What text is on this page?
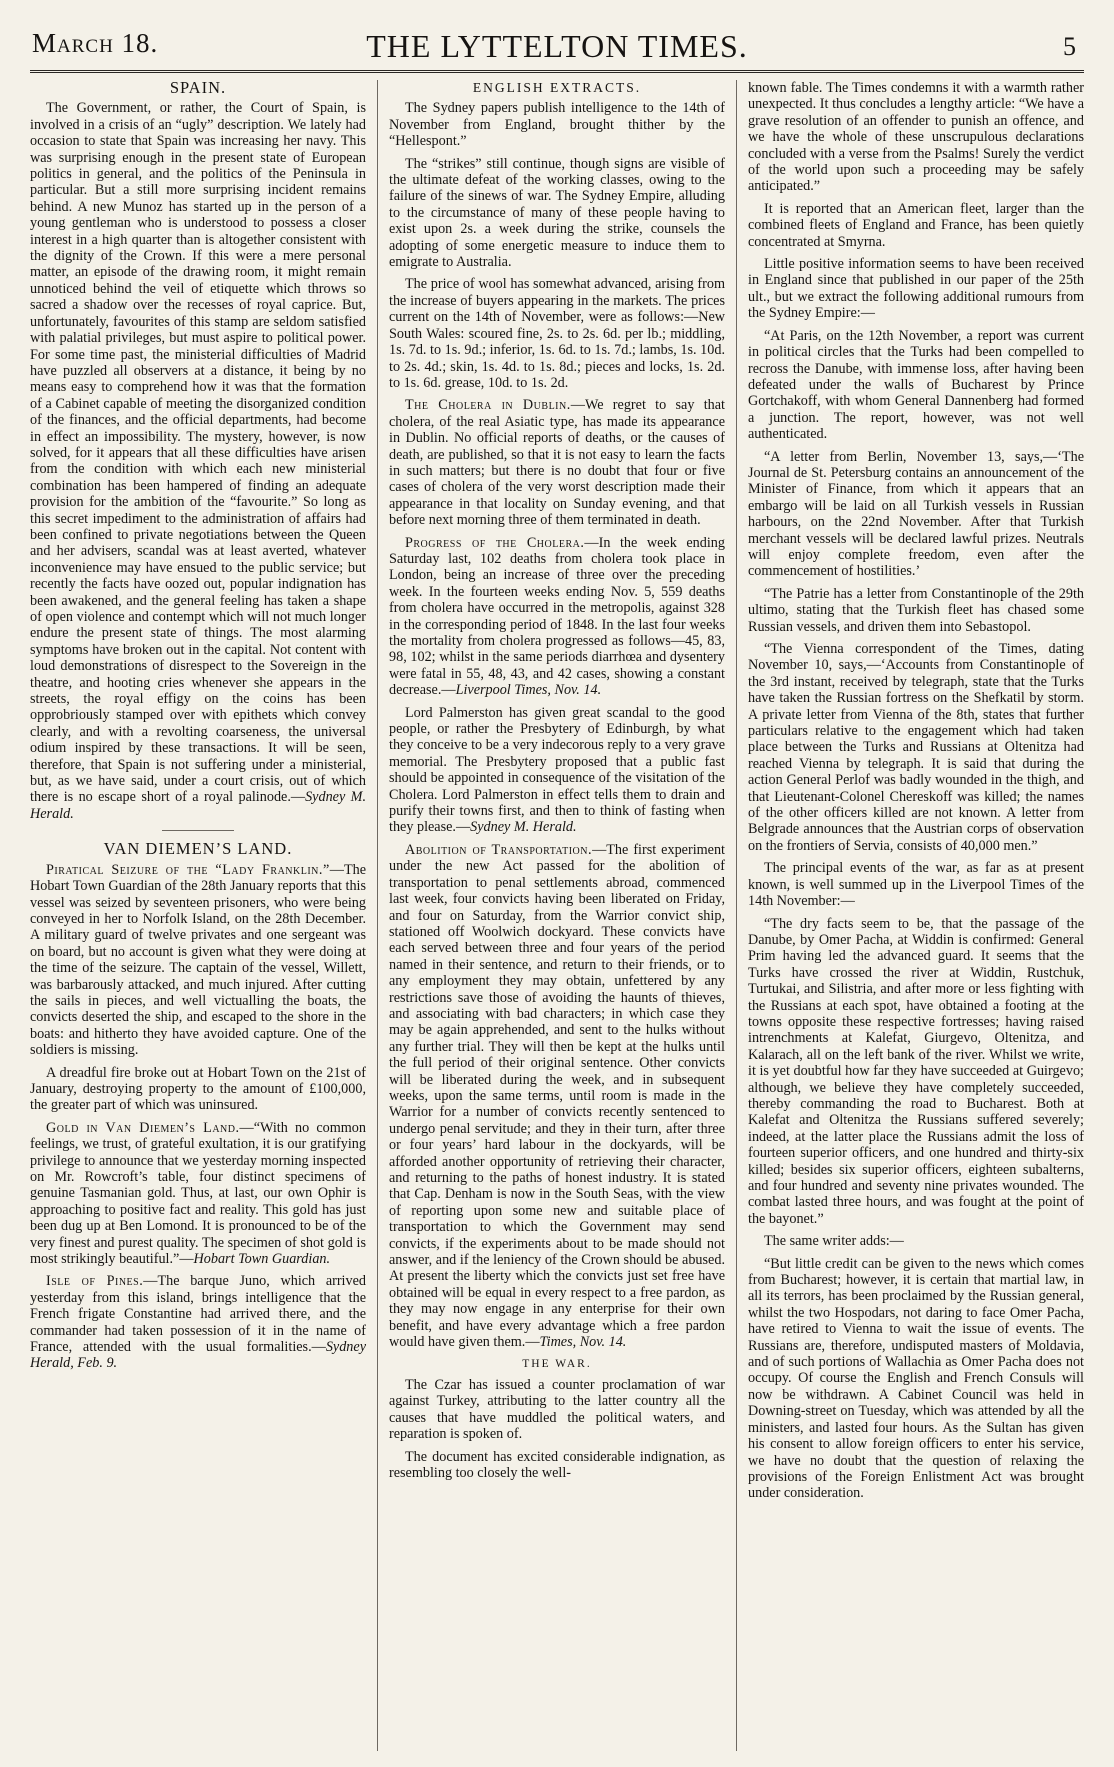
March 18.	THE LYTTELTON TIMES.	5
SPAIN.

The Government, or rather, the Court of Spain, is involved in a crisis of an “ugly” description. We lately had occasion to state that Spain was increasing her navy. This was surprising enough in the present state of European politics in general, and the politics of the Peninsula in particular. But a still more surprising incident remains behind. A new Munoz has started up in the person of a young gentleman who is understood to possess a closer interest in a high quarter than is altogether consistent with the dignity of the Crown. If this were a mere personal matter, an episode of the drawing room, it might remain unnoticed behind the veil of etiquette which throws so sacred a shadow over the recesses of royal caprice. But, unfortunately, favourites of this stamp are seldom satisfied with palatial privileges, but must aspire to political power. For some time past, the ministerial difficulties of Madrid have puzzled all observers at a distance, it being by no means easy to comprehend how it was that the formation of a Cabinet capable of meeting the disorganized condition of the finances, and the official departments, had become in effect an impossibility. The mystery, however, is now solved, for it appears that all these difficulties have arisen from the condition with which each new ministerial combination has been hampered of finding an adequate provision for the ambition of the “favourite.” So long as this secret impediment to the administration of affairs had been confined to private negotiations between the Queen and her advisers, scandal was at least averted, whatever inconvenience may have ensued to the public service; but recently the facts have oozed out, popular indignation has been awakened, and the general feeling has taken a shape of open violence and contempt which will not much longer endure the present state of things. The most alarming symptoms have broken out in the capital. Not content with loud demonstrations of disrespect to the Sovereign in the theatre, and hooting cries whenever she appears in the streets, the royal effigy on the coins has been opprobriously stamped over with epithets which convey clearly, and with a revolting coarseness, the universal odium inspired by these transactions. It will be seen, therefore, that Spain is not suffering under a ministerial, but, as we have said, under a court crisis, out of which there is no escape short of a royal palinode.—Sydney M. Herald.

VAN DIEMEN’S LAND.

Piratical Seizure of the “Lady Franklin.”—The Hobart Town Guardian of the 28th January reports that this vessel was seized by seventeen prisoners, who were being conveyed in her to Norfolk Island, on the 28th December. A military guard of twelve privates and one sergeant was on board, but no account is given what they were doing at the time of the seizure. The captain of the vessel, Willett, was barbarously attacked, and much injured. After cutting the sails in pieces, and well victualling the boats, the convicts deserted the ship, and escaped to the shore in the boats: and hitherto they have avoided capture. One of the soldiers is missing.

A dreadful fire broke out at Hobart Town on the 21st of January, destroying property to the amount of £100,000, the greater part of which was uninsured.

Gold in Van Diemen’s Land.—“With no common feelings, we trust, of grateful exultation, it is our gratifying privilege to announce that we yesterday morning inspected on Mr. Rowcroft’s table, four distinct specimens of genuine Tasmanian gold. Thus, at last, our own Ophir is approaching to positive fact and reality. This gold has just been dug up at Ben Lomond. It is pronounced to be of the very finest and purest quality. The specimen of shot gold is most strikingly beautiful.”—Hobart Town Guardian.

Isle of Pines.—The barque Juno, which arrived yesterday from this island, brings intelligence that the French frigate Constantine had arrived there, and the commander had taken possession of it in the name of France, attended with the usual formalities.—Sydney Herald, Feb. 9.

ENGLISH EXTRACTS.

The Sydney papers publish intelligence to the 14th of November from England, brought thither by the “Hellespont.”

The “strikes” still continue, though signs are visible of the ultimate defeat of the working classes, owing to the failure of the sinews of war. The Sydney Empire, alluding to the circumstance of many of these people having to exist upon 2s. a week during the strike, counsels the adopting of some energetic measure to induce them to emigrate to Australia.

The price of wool has somewhat advanced, arising from the increase of buyers appearing in the markets. The prices current on the 14th of November, were as follows:—New South Wales: scoured fine, 2s. to 2s. 6d. per lb.; middling, 1s. 7d. to 1s. 9d.; inferior, 1s. 6d. to 1s. 7d.; lambs, 1s. 10d. to 2s. 4d.; skin, 1s. 4d. to 1s. 8d.; pieces and locks, 1s. 2d. to 1s. 6d. grease, 10d. to 1s. 2d.

The Cholera in Dublin.—We regret to say that cholera, of the real Asiatic type, has made its appearance in Dublin. No official reports of deaths, or the causes of death, are published, so that it is not easy to learn the facts in such matters; but there is no doubt that four or five cases of cholera of the very worst description made their appearance in that locality on Sunday evening, and that before next morning three of them terminated in death.

Progress of the Cholera.—In the week ending Saturday last, 102 deaths from cholera took place in London, being an increase of three over the preceding week. In the fourteen weeks ending Nov. 5, 559 deaths from cholera have occurred in the metropolis, against 328 in the corresponding period of 1848. In the last four weeks the mortality from cholera progressed as follows—45, 83, 98, 102; whilst in the same periods diarrhœa and dysentery were fatal in 55, 48, 43, and 42 cases, showing a constant decrease.—Liverpool Times, Nov. 14.

Lord Palmerston has given great scandal to the good people, or rather the Presbytery of Edinburgh, by what they conceive to be a very indecorous reply to a very grave memorial. The Presbytery proposed that a public fast should be appointed in consequence of the visitation of the Cholera. Lord Palmerston in effect tells them to drain and purify their towns first, and then to think of fasting when they please.—Sydney M. Herald.

Abolition of Transportation.—The first experiment under the new Act passed for the abolition of transportation to penal settlements abroad, commenced last week, four convicts having been liberated on Friday, and four on Saturday, from the Warrior convict ship, stationed off Woolwich dockyard. These convicts have each served between three and four years of the period named in their sentence, and return to their friends, or to any employment they may obtain, unfettered by any restrictions save those of avoiding the haunts of thieves, and associating with bad characters; in which case they may be again apprehended, and sent to the hulks without any further trial. They will then be kept at the hulks until the full period of their original sentence. Other convicts will be liberated during the week, and in subsequent weeks, upon the same terms, until room is made in the Warrior for a number of convicts recently sentenced to undergo penal servitude; and they in their turn, after three or four years’ hard labour in the dockyards, will be afforded another opportunity of retrieving their character, and returning to the paths of honest industry. It is stated that Cap. Denham is now in the South Seas, with the view of reporting upon some new and suitable place of transportation to which the Government may send convicts, if the experiments about to be made should not answer, and if the leniency of the Crown should be abused. At present the liberty which the convicts just set free have obtained will be equal in every respect to a free pardon, as they may now engage in any enterprise for their own benefit, and have every advantage which a free pardon would have given them.—Times, Nov. 14.

THE WAR.

The Czar has issued a counter proclamation of war against Turkey, attributing to the latter country all the causes that have muddled the political waters, and reparation is spoken of.

The document has excited considerable indignation, as resembling too closely the well-

known fable. The Times condemns it with a warmth rather unexpected. It thus concludes a lengthy article: “We have a grave resolution of an offender to punish an offence, and we have the whole of these unscrupulous declarations concluded with a verse from the Psalms! Surely the verdict of the world upon such a proceeding may be safely anticipated.”

It is reported that an American fleet, larger than the combined fleets of England and France, has been quietly concentrated at Smyrna.

Little positive information seems to have been received in England since that published in our paper of the 25th ult., but we extract the following additional rumours from the Sydney Empire:—

“At Paris, on the 12th November, a report was current in political circles that the Turks had been compelled to recross the Danube, with immense loss, after having been defeated under the walls of Bucharest by Prince Gortchakoff, with whom General Dannenberg had formed a junction. The report, however, was not well authenticated.

“A letter from Berlin, November 13, says,—‘The Journal de St. Petersburg contains an announcement of the Minister of Finance, from which it appears that an embargo will be laid on all Turkish vessels in Russian harbours, on the 22nd November. After that Turkish merchant vessels will be declared lawful prizes. Neutrals will enjoy complete freedom, even after the commencement of hostilities.’

“The Patrie has a letter from Constantinople of the 29th ultimo, stating that the Turkish fleet has chased some Russian vessels, and driven them into Sebastopol.

“The Vienna correspondent of the Times, dating November 10, says,—‘Accounts from Constantinople of the 3rd instant, received by telegraph, state that the Turks have taken the Russian fortress on the Shefkatil by storm. A private letter from Vienna of the 8th, states that further particulars relative to the engagement which had taken place between the Turks and Russians at Oltenitza had reached Vienna by telegraph. It is said that during the action General Perlof was badly wounded in the thigh, and that Lieutenant-Colonel Chereskoff was killed; the names of the other officers killed are not known. A letter from Belgrade announces that the Austrian corps of observation on the frontiers of Servia, consists of 40,000 men.”

The principal events of the war, as far as at present known, is well summed up in the Liverpool Times of the 14th November:—

“The dry facts seem to be, that the passage of the Danube, by Omer Pacha, at Widdin is confirmed: General Prim having led the advanced guard. It seems that the Turks have crossed the river at Widdin, Rustchuk, Turtukai, and Silistria, and after more or less fighting with the Russians at each spot, have obtained a footing at the towns opposite these respective fortresses; having raised intrenchments at Kalefat, Giurgevo, Oltenitza, and Kalarach, all on the left bank of the river. Whilst we write, it is yet doubtful how far they have succeeded at Guirgevo; although, we believe they have completely succeeded, thereby commanding the road to Bucharest. Both at Kalefat and Oltenitza the Russians suffered severely; indeed, at the latter place the Russians admit the loss of fourteen superior officers, and one hundred and thirty-six killed; besides six superior officers, eighteen subalterns, and four hundred and seventy nine privates wounded. The combat lasted three hours, and was fought at the point of the bayonet.”

The same writer adds:—

“But little credit can be given to the news which comes from Bucharest; however, it is certain that martial law, in all its terrors, has been proclaimed by the Russian general, whilst the two Hospodars, not daring to face Omer Pacha, have retired to Vienna to wait the issue of events. The Russians are, therefore, undisputed masters of Moldavia, and of such portions of Wallachia as Omer Pacha does not occupy. Of course the English and French Consuls will now be withdrawn. A Cabinet Council was held in Downing-street on Tuesday, which was attended by all the ministers, and lasted four hours. As the Sultan has given his consent to allow foreign officers to enter his service, we have no doubt that the question of relaxing the provisions of the Foreign Enlistment Act was brought under consideration.
